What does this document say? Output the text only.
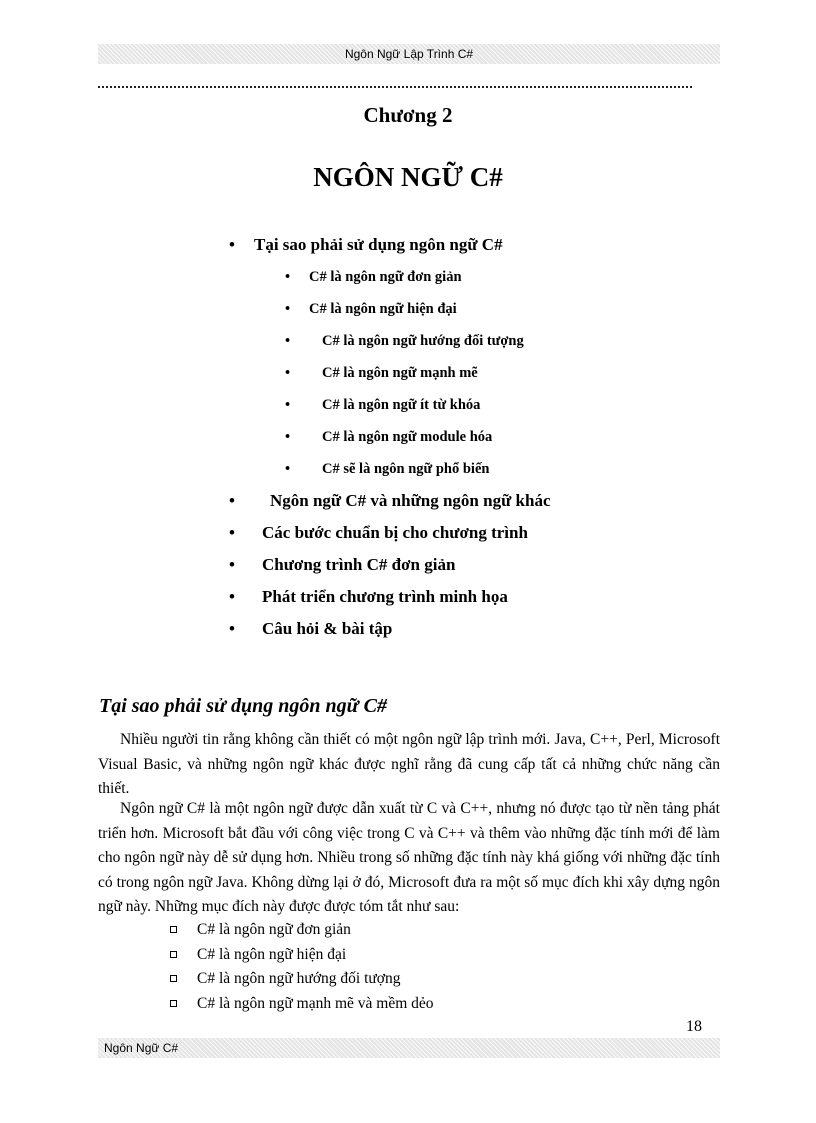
Ngôn Ngữ Lập Trình C#
Chương 2
NGÔN NGỮ C#
• Tại sao phải sử dụng ngôn ngữ C#
• C# là ngôn ngữ đơn giản
• C# là ngôn ngữ hiện đại
• C# là ngôn ngữ hướng đối tượng
• C# là ngôn ngữ mạnh mẽ
• C# là ngôn ngữ ít từ khóa
• C# là ngôn ngữ module hóa
• C# sẽ là ngôn ngữ phổ biến
• Ngôn ngữ C# và những ngôn ngữ khác
• Các bước chuẩn bị cho chương trình
• Chương trình C# đơn giản
• Phát triển chương trình minh họa
• Câu hỏi & bài tập
Tại sao phải sử dụng ngôn ngữ C#

Nhiều người tin rằng không cần thiết có một ngôn ngữ lập trình mới. Java, C++, Perl, Microsoft Visual Basic, và những ngôn ngữ khác được nghĩ rằng đã cung cấp tất cả những chức năng cần thiết.

Ngôn ngữ C# là một ngôn ngữ được dẫn xuất từ C và C++, nhưng nó được tạo từ nền tảng phát triển hơn. Microsoft bắt đầu với công việc trong C và C++ và thêm vào những đặc tính mới để làm cho ngôn ngữ này dễ sử dụng hơn. Nhiều trong số những đặc tính này khá giống với những đặc tính có trong ngôn ngữ Java. Không dừng lại ở đó, Microsoft đưa ra một số mục đích khi xây dựng ngôn ngữ này. Những mục đích này được được tóm tắt như sau:

C# là ngôn ngữ đơn giản
C# là ngôn ngữ hiện đại
C# là ngôn ngữ hướng đối tượng
C# là ngôn ngữ mạnh mẽ và mềm dẻo
18
Ngôn Ngữ C#
